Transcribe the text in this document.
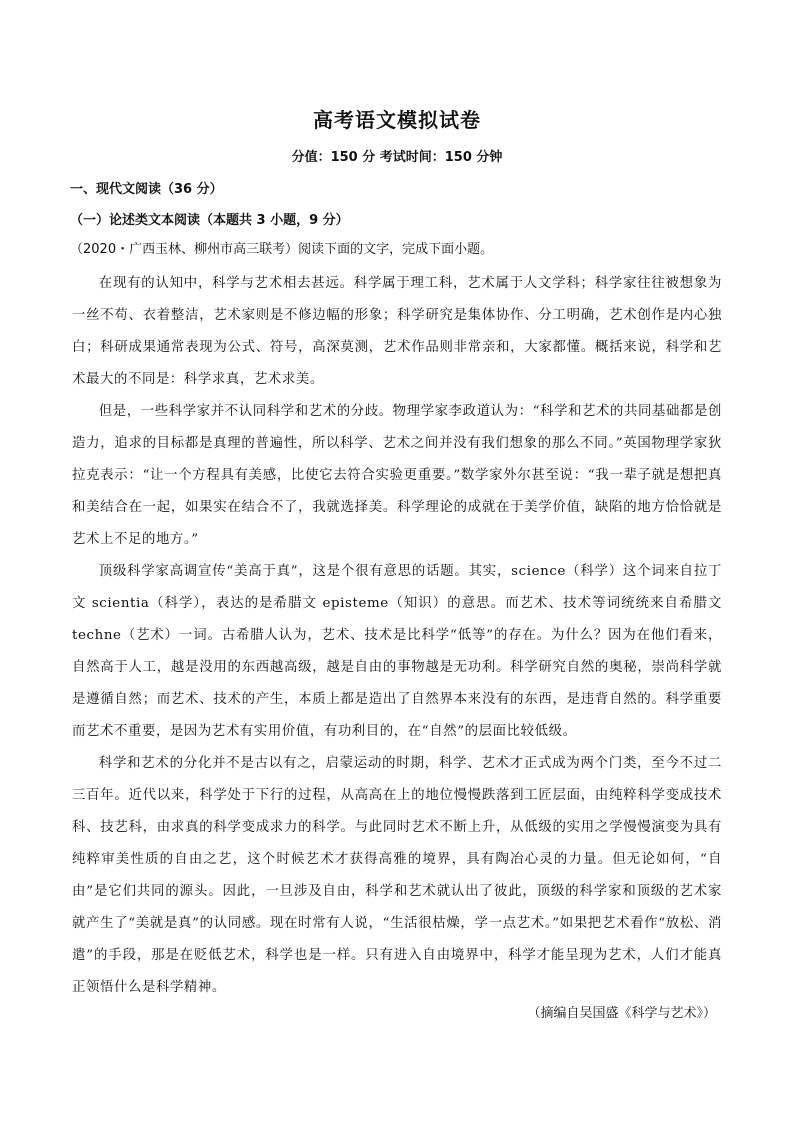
高考语文模拟试卷
分值：150 分 考试时间：150 分钟
一、现代文阅读（36 分）
（一）论述类文本阅读（本题共 3 小题，9 分）
（2020・广西玉林、柳州市高三联考）阅读下面的文字，完成下面小题。

在现有的认知中，科学与艺术相去甚远。科学属于理工科，艺术属于人文学科；科学家往往被想象为一丝不苟、衣着整洁，艺术家则是不修边幅的形象；科学研究是集体协作、分工明确，艺术创作是内心独白；科研成果通常表现为公式、符号，高深莫测，艺术作品则非常亲和，大家都懂。概括来说，科学和艺术最大的不同是：科学求真，艺术求美。

但是，一些科学家并不认同科学和艺术的分歧。物理学家李政道认为：“科学和艺术的共同基础都是创造力，追求的目标都是真理的普遍性，所以科学、艺术之间并没有我们想象的那么不同。”英国物理学家狄拉克表示：“让一个方程具有美感，比使它去符合实验更重要。”数学家外尔甚至说：“我一辈子就是想把真和美结合在一起，如果实在结合不了，我就选择美。科学理论的成就在于美学价值，缺陷的地方恰恰就是艺术上不足的地方。”

顶级科学家高调宣传“美高于真”，这是个很有意思的话题。其实，science（科学）这个词来自拉丁文 scientia（科学），表达的是希腊文 episteme（知识）的意思。而艺术、技术等词统统来自希腊文 techne（艺术）一词。古希腊人认为，艺术、技术是比科学“低等”的存在。为什么？因为在他们看来，自然高于人工，越是没用的东西越高级，越是自由的事物越是无功利。科学研究自然的奥秘，崇尚科学就是遵循自然；而艺术、技术的产生，本质上都是造出了自然界本来没有的东西，是违背自然的。科学重要而艺术不重要，是因为艺术有实用价值，有功利目的，在“自然”的层面比较低级。

科学和艺术的分化并不是古以有之，启蒙运动的时期，科学、艺术才正式成为两个门类，至今不过二三百年。近代以来，科学处于下行的过程，从高高在上的地位慢慢跌落到工匠层面，由纯粹科学变成技术科、技艺科，由求真的科学变成求力的科学。与此同时艺术不断上升，从低级的实用之学慢慢演变为具有纯粹审美性质的自由之艺，这个时候艺术才获得高雅的境界，具有陶冶心灵的力量。但无论如何，“自由”是它们共同的源头。因此，一旦涉及自由，科学和艺术就认出了彼此，顶级的科学家和顶级的艺术家就产生了“美就是真”的认同感。现在时常有人说，“生活很枯燥，学一点艺术。”如果把艺术看作“放松、消遣”的手段，那是在贬低艺术，科学也是一样。只有进入自由境界中，科学才能呈现为艺术，人们才能真正领悟什么是科学精神。

（摘编自吴国盛《科学与艺术》）
